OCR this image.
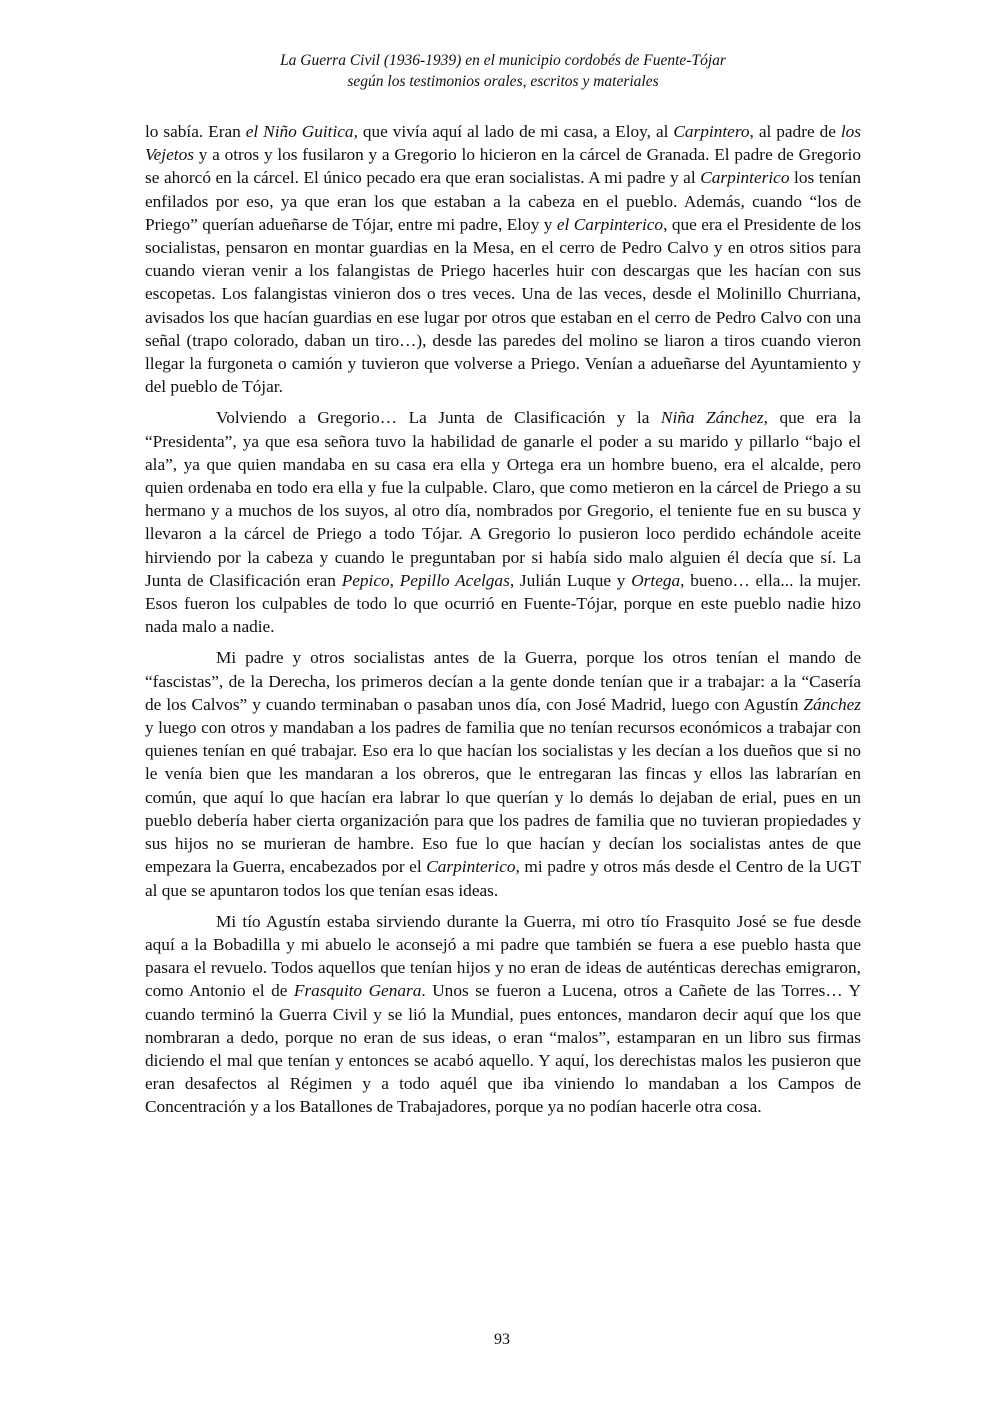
La Guerra Civil (1936-1939) en el municipio cordobés de Fuente-Tójar
según los testimonios orales, escritos y materiales

lo sabía. Eran el Niño Guitica, que vivía aquí al lado de mi casa, a Eloy, al Carpintero, al padre de los Vejetos y a otros y los fusilaron y a Gregorio lo hicieron en la cárcel de Granada. El padre de Gregorio se ahorcó en la cárcel. El único pecado era que eran socialistas. A mi padre y al Carpinterico los tenían enfilados por eso, ya que eran los que estaban a la cabeza en el pueblo. Además, cuando “los de Priego” querían adueñarse de Tójar, entre mi padre, Eloy y el Carpinterico, que era el Presidente de los socialistas, pensaron en montar guardias en la Mesa, en el cerro de Pedro Calvo y en otros sitios para cuando vieran venir a los falangistas de Priego hacerles huir con descargas que les hacían con sus escopetas. Los falangistas vinieron dos o tres veces. Una de las veces, desde el Molinillo Churriana, avisados los que hacían guardias en ese lugar por otros que estaban en el cerro de Pedro Calvo con una señal (trapo colorado, daban un tiro…), desde las paredes del molino se liaron a tiros cuando vieron llegar la furgoneta o camión y tuvieron que volverse a Priego. Venían a adueñarse del Ayuntamiento y del pueblo de Tójar.

Volviendo a Gregorio… La Junta de Clasificación y la Niña Zánchez, que era la “Presidenta”, ya que esa señora tuvo la habilidad de ganarle el poder a su marido y pillarlo “bajo el ala”, ya que quien mandaba en su casa era ella y Ortega era un hombre bueno, era el alcalde, pero quien ordenaba en todo era ella y fue la culpable. Claro, que como metieron en la cárcel de Priego a su hermano y a muchos de los suyos, al otro día, nombrados por Gregorio, el teniente fue en su busca y llevaron a la cárcel de Priego a todo Tójar. A Gregorio lo pusieron loco perdido echándole aceite hirviendo por la cabeza y cuando le preguntaban por si había sido malo alguien él decía que sí. La Junta de Clasificación eran Pepico, Pepillo Acelgas, Julián Luque y Ortega, bueno… ella... la mujer. Esos fueron los culpables de todo lo que ocurrió en Fuente-Tójar, porque en este pueblo nadie hizo nada malo a nadie.

Mi padre y otros socialistas antes de la Guerra, porque los otros tenían el mando de “fascistas”, de la Derecha, los primeros decían a la gente donde tenían que ir a trabajar: a la “Casería de los Calvos” y cuando terminaban o pasaban unos día, con José Madrid, luego con Agustín Zánchez y luego con otros y mandaban a los padres de familia que no tenían recursos económicos a trabajar con quienes tenían en qué trabajar. Eso era lo que hacían los socialistas y les decían a los dueños que si no le venía bien que les mandaran a los obreros, que le entregaran las fincas y ellos las labrarían en común, que aquí lo que hacían era labrar lo que querían y lo demás lo dejaban de erial, pues en un pueblo debería haber cierta organización para que los padres de familia que no tuvieran propiedades y sus hijos no se murieran de hambre. Eso fue lo que hacían y decían los socialistas antes de que empezara la Guerra, encabezados por el Carpinterico, mi padre y otros más desde el Centro de la UGT al que se apuntaron todos los que tenían esas ideas.

Mi tío Agustín estaba sirviendo durante la Guerra, mi otro tío Frasquito José se fue desde aquí a la Bobadilla y mi abuelo le aconsejó a mi padre que también se fuera a ese pueblo hasta que pasara el revuelo. Todos aquellos que tenían hijos y no eran de ideas de auténticas derechas emigraron, como Antonio el de Frasquito Genara. Unos se fueron a Lucena, otros a Cañete de las Torres… Y cuando terminó la Guerra Civil y se lió la Mundial, pues entonces, mandaron decir aquí que los que nombraran a dedo, porque no eran de sus ideas, o eran “malos”, estamparan en un libro sus firmas diciendo el mal que tenían y entonces se acabó aquello. Y aquí, los derechistas malos les pusieron que eran desafectos al Régimen y a todo aquél que iba viniendo lo mandaban a los Campos de Concentración y a los Batallones de Trabajadores, porque ya no podían hacerle otra cosa.

93
